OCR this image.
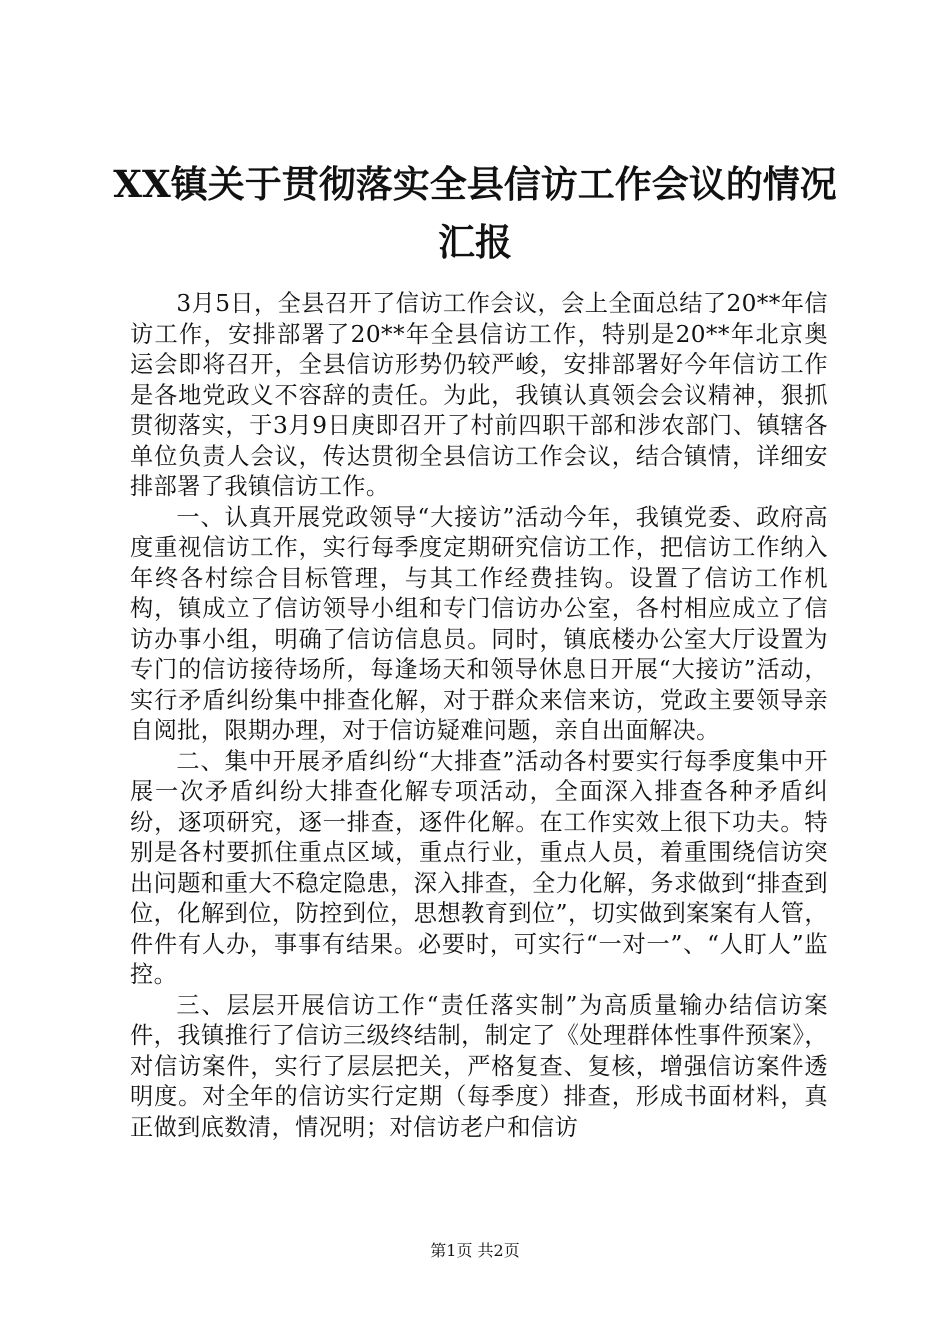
XX镇关于贯彻落实全县信访工作会议的情况
汇报

3月5日，全县召开了信访工作会议，会上全面总结了20**年信访工作，安排部署了20**年全县信访工作，特别是20**年北京奥运会即将召开，全县信访形势仍较严峻，安排部署好今年信访工作是各地党政义不容辞的责任。为此，我镇认真领会会议精神，狠抓贯彻落实，于3月9日庚即召开了村前四职干部和涉农部门、镇辖各单位负责人会议，传达贯彻全县信访工作会议，结合镇情，详细安排部署了我镇信访工作。

一、认真开展党政领导“大接访”活动今年，我镇党委、政府高度重视信访工作，实行每季度定期研究信访工作，把信访工作纳入年终各村综合目标管理，与其工作经费挂钩。设置了信访工作机构，镇成立了信访领导小组和专门信访办公室，各村相应成立了信访办事小组，明确了信访信息员。同时，镇底楼办公室大厅设置为专门的信访接待场所，每逢场天和领导休息日开展“大接访”活动，实行矛盾纠纷集中排查化解，对于群众来信来访，党政主要领导亲自阅批，限期办理，对于信访疑难问题，亲自出面解决。

二、集中开展矛盾纠纷“大排查”活动各村要实行每季度集中开展一次矛盾纠纷大排查化解专项活动，全面深入排查各种矛盾纠纷，逐项研究，逐一排查，逐件化解。在工作实效上很下功夫。特别是各村要抓住重点区域，重点行业，重点人员，着重围绕信访突出问题和重大不稳定隐患，深入排查，全力化解，务求做到“排查到位，化解到位，防控到位，思想教育到位”，切实做到案案有人管，件件有人办，事事有结果。必要时，可实行“一对一”、“人盯人”监控。

三、层层开展信访工作“责任落实制”为高质量输办结信访案件，我镇推行了信访三级终结制，制定了《处理群体性事件预案》，对信访案件，实行了层层把关，严格复查、复核，增强信访案件透明度。对全年的信访实行定期（每季度）排查，形成书面材料，真正做到底数清，情况明；对信访老户和信访

第1页 共2页
